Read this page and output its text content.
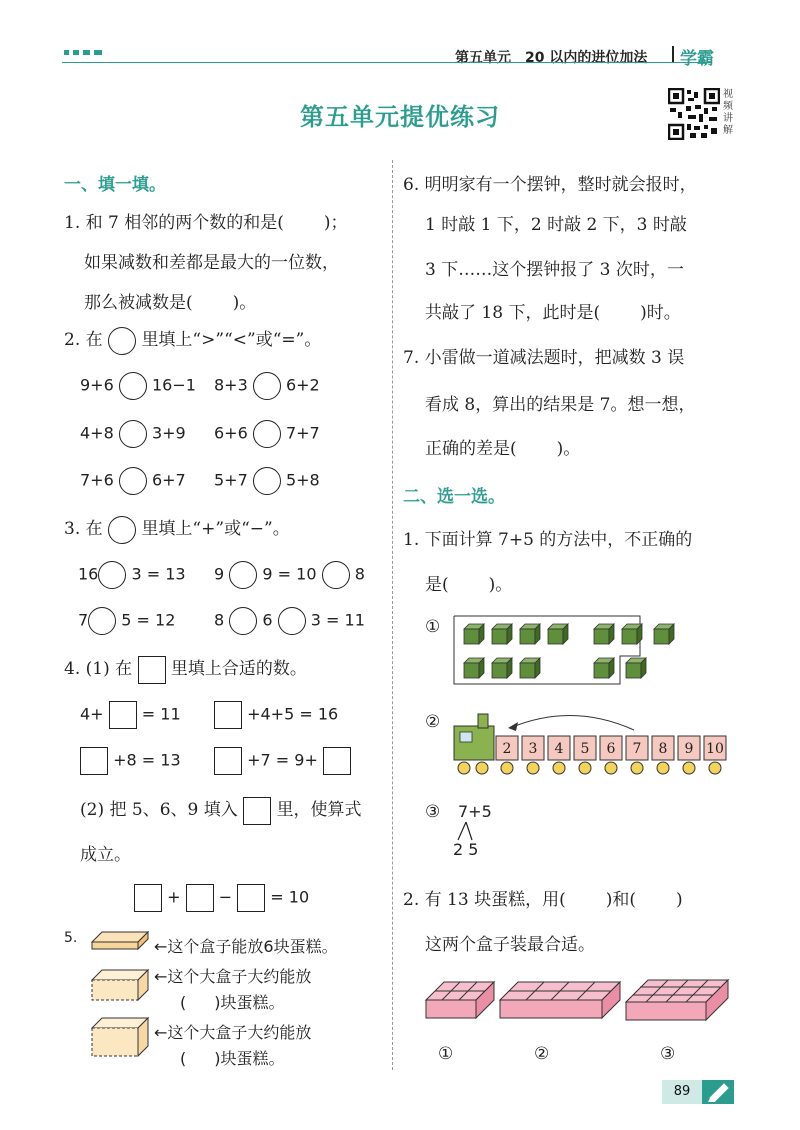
第五单元　20 以内的进位加法 学霸
第五单元提优练习
视频讲解
一、填一填。
1. 和 7 相邻的两个数的和是( )；
如果减数和差都是最大的一位数，
那么被减数是( )。
2. 在 里填上“>”“<”或“=”。
9+6 16−1 8+3 6+2
4+8 3+9 6+6 7+7
7+6 6+7 5+7 5+8
3. 在 里填上“+”或“−”。
16 3 = 13 9 9 = 10 8
7 5 = 12 8 6 3 = 11
4. (1) 在 里填上合适的数。
4+ = 11	+4+5 = 16
+8 = 13	+7 = 9+
(2) 把 5、6、9 填入 里，使算式
成立。
+ − = 10
5.	←这个盒子能放6块蛋糕。
←这个大盒子大约能放
( )块蛋糕。
←这个大盒子大约能放
( )块蛋糕。
6. 明明家有一个摆钟，整时就会报时，
1 时敲 1 下，2 时敲 2 下，3 时敲
3 下……这个摆钟报了 3 次时，一
共敲了 18 下，此时是( )时。
7. 小雷做一道减法题时，把减数 3 误
看成 8，算出的结果是 7。想一想，
正确的差是( )。
二、选一选。
1. 下面计算 7+5 的方法中，不正确的
是( )。
①
②
2 3 4 5 6 7 8 9 10
③ 7+5
2 5
2. 有 13 块蛋糕，用( )和( )
这两个盒子装最合适。
①	②	③
89
